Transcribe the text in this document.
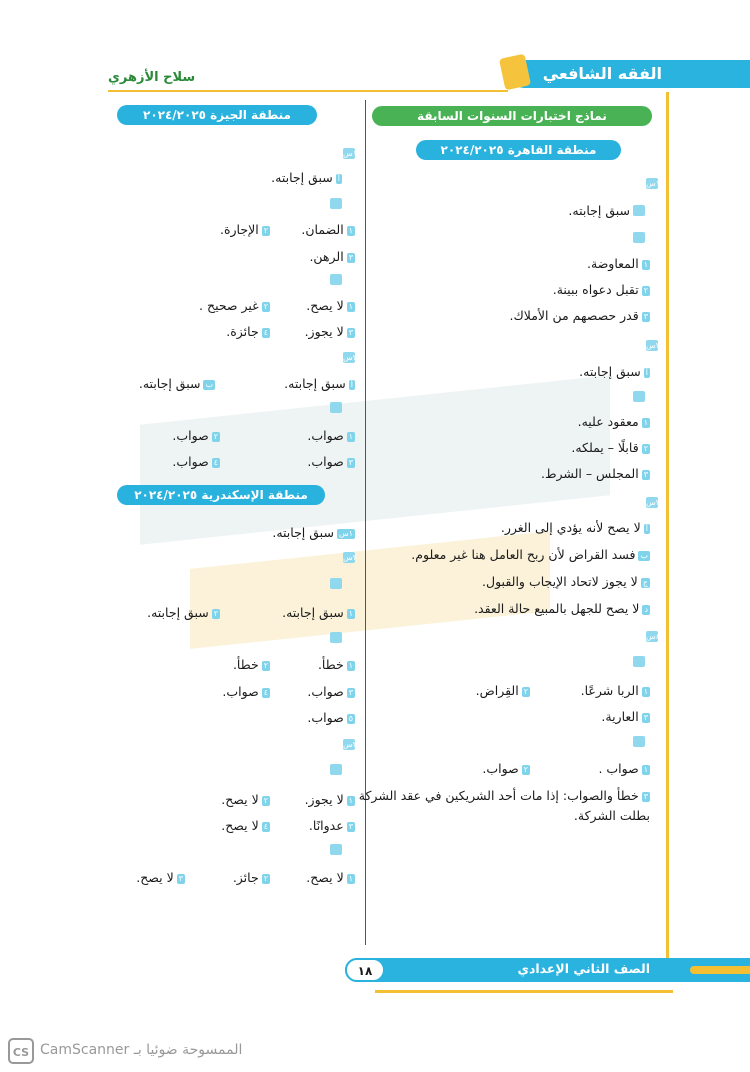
الفقه الشافعي
سلاح الأزهري
نماذج اختبارات السنوات السابقة
منطقة القاهرة ٢٠٢٤/٢٠٢٥
١س
سبق إجابته.
١المعاوضة.
٢تقبل دعواه ببينة.
٣قدر حصصهم من الأملاك.
٢س
أسبق إجابته.
١معقود عليه.
٢قابلًا – يملكه.
٣المجلس – الشرط.
٣س
ألا يصح لأنه يؤدي إلى الغرر.
بفسد القراض لأن ربح العامل هنا غير معلوم.
جلا يجوز لاتحاد الإيجاب والقبول.
دلا يصح للجهل بالمبيع حالة العقد.
٤س
١الربا شرعًا.
٢القِراض.
٣العارية.
١صواب .
٢صواب.
٣خطأ والصواب: إذا مات أحد الشريكين في عقد الشركة
بطلت الشركة.
منطقة الجيزة ٢٠٢٤/٢٠٢٥
١س
أسبق إجابته.
١الضمان.
٢الإجارة.
٣الرهن.
١لا يصح.
٢غير صحيح .
٣لا يجوز.
٤جائزة.
٢س
أسبق إجابته.
بسبق إجابته.
١صواب.
٢صواب.
٣صواب.
٤صواب.
منطقة الإسكندرية ٢٠٢٤/٢٠٢٥
١سسبق إجابته.
٢س
١سبق إجابته.
٢سبق إجابته.
١خطأ.
٢خطأ.
٣صواب.
٤صواب.
٥صواب.
٣س
١لا يجوز.
٢لا يصح.
٣عدوانًا.
٤لا يصح.
١لا يصح.
٢جائز.
٣لا يصح.
الصف الثاني الإعدادي
١٨
CS الممسوحة ضوئيا بـ CamScanner
